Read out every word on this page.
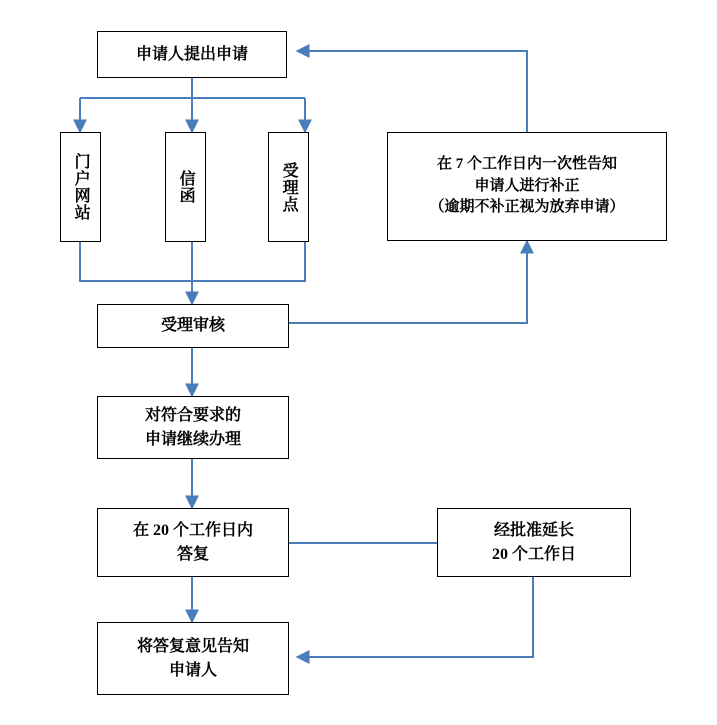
申请人提出申请
门户网站	信函	受理点	在 7 个工作日内一次性告知
申请人进行补正
（逾期不补正视为放弃申请）
受理审核
对符合要求的
申请继续办理
在 20 个工作日内
答复
经批准延长
20 个工作日
将答复意见告知
申请人
